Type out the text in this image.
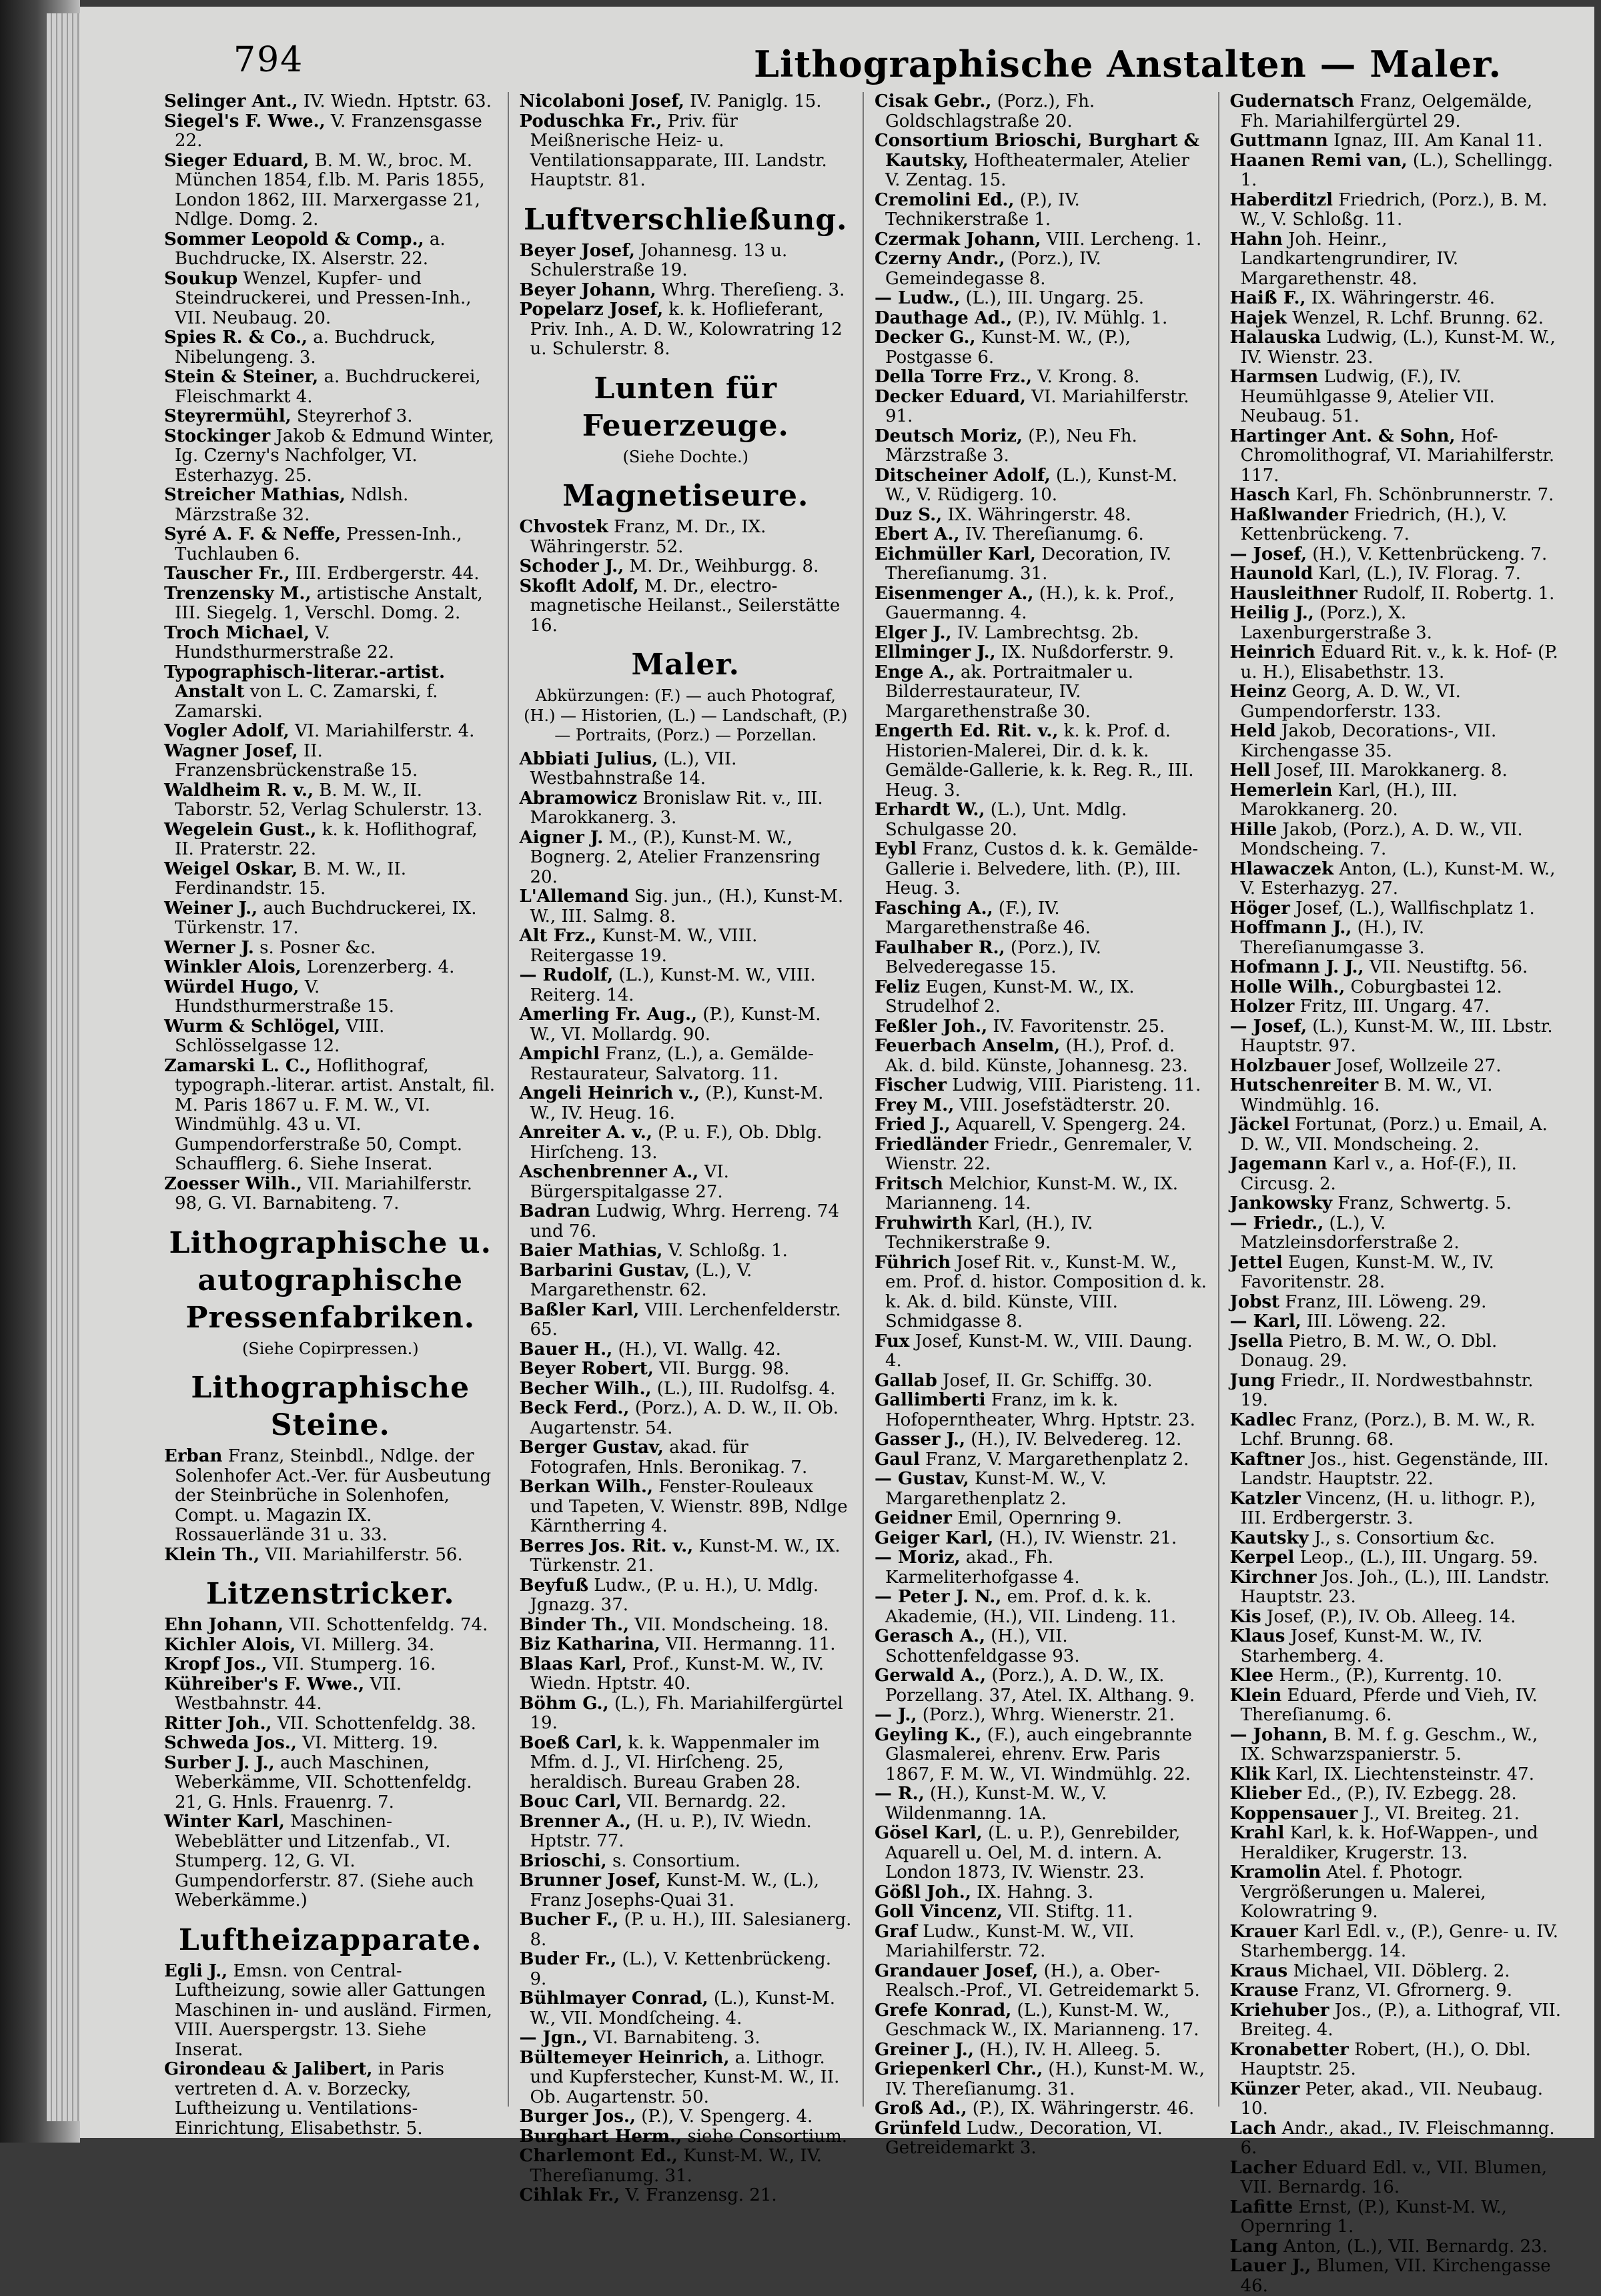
794	Lithographische Anstalten — Maler.

Selinger Ant., IV. Wiedn. Hptstr. 63.

Siegel's F. Wwe., V. Franzensgasse 22.

Sieger Eduard, B. M. W., broc. M. München 1854, f.lb. M. Paris 1855, London 1862, III. Marxergasse 21, Ndlge. Domg. 2.

Sommer Leopold & Comp., a. Buchdrucke, IX. Alserstr. 22.

Soukup Wenzel, Kupfer- und Steindruckerei, und Pressen-Inh., VII. Neubaug. 20.

Spies R. & Co., a. Buchdruck, Nibelungeng. 3.

Stein & Steiner, a. Buchdruckerei, Fleischmarkt 4.

Steyrermühl, Steyrerhof 3.

Stockinger Jakob & Edmund Winter, Ig. Czerny's Nachfolger, VI. Esterhazyg. 25.

Streicher Mathias, Ndlsh. Märzstraße 32.

Syré A. F. & Neffe, Pressen-Inh., Tuchlauben 6.

Tauscher Fr., III. Erdbergerstr. 44.

Trenzensky M., artistische Anstalt, III. Siegelg. 1, Verschl. Domg. 2.

Troch Michael, V. Hundsthurmerstraße 22.

Typographisch-literar.-artist. Anstalt von L. C. Zamarski, f. Zamarski.

Vogler Adolf, VI. Mariahilferstr. 4.

Wagner Josef, II. Franzensbrückenstraße 15.

Waldheim R. v., B. M. W., II. Taborstr. 52, Verlag Schulerstr. 13.

Wegelein Gust., k. k. Hoflithograf, II. Praterstr. 22.

Weigel Oskar, B. M. W., II. Ferdinandstr. 15.

Weiner J., auch Buchdruckerei, IX. Türkenstr. 17.

Werner J. s. Posner &c.

Winkler Alois, Lorenzerberg. 4.

Würdel Hugo, V. Hundsthurmerstraße 15.

Wurm & Schlögel, VIII. Schlösselgasse 12.

Zamarski L. C., Hoflithograf, typograph.-literar. artist. Anstalt, fil. M. Paris 1867 u. F. M. W., VI. Windmühlg. 43 u. VI. Gumpendorferstraße 50, Compt. Schaufflerg. 6. Siehe Inserat.

Zoesser Wilh., VII. Mariahilferstr. 98, G. VI. Barnabiteng. 7.

Lithographische u. autographische Pressenfabriken.
(Siehe Copirpressen.)
Lithographische Steine.

Erban Franz, Steinbdl., Ndlge. der Solenhofer Act.-Ver. für Ausbeutung der Steinbrüche in Solenhofen, Compt. u. Magazin IX. Rossauerlände 31 u. 33.

Klein Th., VII. Mariahilferstr. 56.

Litzenstricker.

Ehn Johann, VII. Schottenfeldg. 74.

Kichler Alois, VI. Millerg. 34.

Kropf Jos., VII. Stumperg. 16.

Kühreiber's F. Wwe., VII. Westbahnstr. 44.

Ritter Joh., VII. Schottenfeldg. 38.

Schweda Jos., VI. Mitterg. 19.

Surber J. J., auch Maschinen, Weberkämme, VII. Schottenfeldg. 21, G. Hnls. Frauenrg. 7.

Winter Karl, Maschinen-Webeblätter und Litzenfab., VI. Stumperg. 12, G. VI. Gumpendorferstr. 87. (Siehe auch Weberkämme.)

Luftheizapparate.

Egli J., Emsn. von Central-Luftheizung, sowie aller Gattungen Maschinen in- und ausländ. Firmen, VIII. Auerspergstr. 13. Siehe Inserat.

Girondeau & Jalibert, in Paris vertreten d. A. v. Borzecky, Luftheizung u. Ventilations-Einrichtung, Elisabethstr. 5.

Nicolaboni Josef, IV. Paniglg. 15.

Poduschka Fr., Priv. für Meißnerische Heiz- u. Ventilationsapparate, III. Landstr. Hauptstr. 81.

Luftverschließung.

Beyer Josef, Johannesg. 13 u. Schulerstraße 19.

Beyer Johann, Whrg. Thereſieng. 3.

Popelarz Josef, k. k. Hoflieferant, Priv. Inh., A. D. W., Kolowratring 12 u. Schulerstr. 8.

Lunten für Feuerzeuge.
(Siehe Dochte.)
Magnetiseure.

Chvostek Franz, M. Dr., IX. Währingerstr. 52.

Schoder J., M. Dr., Weihburgg. 8.

Skoflt Adolf, M. Dr., electro-magnetische Heilanst., Seilerstätte 16.

Maler.
Abkürzungen: (F.) — auch Photograf, (H.) — Historien, (L.) — Landschaft, (P.) — Portraits, (Porz.) — Porzellan.

Abbiati Julius, (L.), VII. Westbahnstraße 14.

Abramowicz Bronislaw Rit. v., III. Marokkanerg. 3.

Aigner J. M., (P.), Kunst-M. W., Bognerg. 2, Atelier Franzensring 20.

L'Allemand Sig. jun., (H.), Kunst-M. W., III. Salmg. 8.

Alt Frz., Kunst-M. W., VIII. Reitergasse 19.

— Rudolf, (L.), Kunst-M. W., VIII. Reiterg. 14.

Amerling Fr. Aug., (P.), Kunst-M. W., VI. Mollardg. 90.

Ampichl Franz, (L.), a. Gemälde-Restaurateur, Salvatorg. 11.

Angeli Heinrich v., (P.), Kunst-M. W., IV. Heug. 16.

Anreiter A. v., (P. u. F.), Ob. Dblg. Hirſcheng. 13.

Aschenbrenner A., VI. Bürgerspitalgasse 27.

Badran Ludwig, Whrg. Herreng. 74 und 76.

Baier Mathias, V. Schloßg. 1.

Barbarini Gustav, (L.), V. Margarethenstr. 62.

Baßler Karl, VIII. Lerchenfelderstr. 65.

Bauer H., (H.), VI. Wallg. 42.

Beyer Robert, VII. Burgg. 98.

Becher Wilh., (L.), III. Rudolfsg. 4.

Beck Ferd., (Porz.), A. D. W., II. Ob. Augartenstr. 54.

Berger Gustav, akad. für Fotografen, Hnls. Beronikag. 7.

Berkan Wilh., Fenster-Rouleaux und Tapeten, V. Wienstr. 89B, Ndlge Kärntherring 4.

Berres Jos. Rit. v., Kunst-M. W., IX. Türkenstr. 21.

Beyfuß Ludw., (P. u. H.), U. Mdlg. Jgnazg. 37.

Binder Th., VII. Mondscheing. 18.

Biz Katharina, VII. Hermanng. 11.

Blaas Karl, Prof., Kunst-M. W., IV. Wiedn. Hptstr. 40.

Böhm G., (L.), Fh. Mariahilfergürtel 19.

Boeß Carl, k. k. Wappenmaler im Mfm. d. J., VI. Hirſcheng. 25, heraldisch. Bureau Graben 28.

Bouc Carl, VII. Bernardg. 22.

Brenner A., (H. u. P.), IV. Wiedn. Hptstr. 77.

Brioschi, s. Consortium.

Brunner Josef, Kunst-M. W., (L.), Franz Josephs-Quai 31.

Bucher F., (P. u. H.), III. Salesianerg. 8.

Buder Fr., (L.), V. Kettenbrückeng. 9.

Bühlmayer Conrad, (L.), Kunst-M. W., VII. Mondſcheing. 4.

— Jgn., VI. Barnabiteng. 3.

Bültemeyer Heinrich, a. Lithogr. und Kupferstecher, Kunst-M. W., II. Ob. Augartenstr. 50.

Burger Jos., (P.), V. Spengerg. 4.

Burghart Herm., siehe Consortium.

Charlemont Ed., Kunst-M. W., IV. Thereſianumg. 31.

Cihlak Fr., V. Franzensg. 21.

Cisak Gebr., (Porz.), Fh. Goldschlagstraße 20.

Consortium Brioschi, Burghart & Kautsky, Hoftheatermaler, Atelier V. Zentag. 15.

Cremolini Ed., (P.), IV. Technikerstraße 1.

Czermak Johann, VIII. Lercheng. 1.

Czerny Andr., (Porz.), IV. Gemeindegasse 8.

— Ludw., (L.), III. Ungarg. 25.

Dauthage Ad., (P.), IV. Mühlg. 1.

Decker G., Kunst-M. W., (P.), Postgasse 6.

Della Torre Frz., V. Krong. 8.

Decker Eduard, VI. Mariahilferstr. 91.

Deutsch Moriz, (P.), Neu Fh. Märzstraße 3.

Ditscheiner Adolf, (L.), Kunst-M. W., V. Rüdigerg. 10.

Duz S., IX. Währingerstr. 48.

Ebert A., IV. Thereſianumg. 6.

Eichmüller Karl, Decoration, IV. Thereſianumg. 31.

Eisenmenger A., (H.), k. k. Prof., Gauermanng. 4.

Elger J., IV. Lambrechtsg. 2b.

Ellminger J., IX. Nußdorferstr. 9.

Enge A., ak. Portraitmaler u. Bilderrestaurateur, IV. Margarethenstraße 30.

Engerth Ed. Rit. v., k. k. Prof. d. Historien-Malerei, Dir. d. k. k. Gemälde-Gallerie, k. k. Reg. R., III. Heug. 3.

Erhardt W., (L.), Unt. Mdlg. Schulgasse 20.

Eybl Franz, Custos d. k. k. Gemälde-Gallerie i. Belvedere, lith. (P.), III. Heug. 3.

Fasching A., (F.), IV. Margarethenstraße 46.

Faulhaber R., (Porz.), IV. Belvederegasse 15.

Feliz Eugen, Kunst-M. W., IX. Strudelhof 2.

Feßler Joh., IV. Favoritenstr. 25.

Feuerbach Anselm, (H.), Prof. d. Ak. d. bild. Künste, Johannesg. 23.

Fischer Ludwig, VIII. Piaristeng. 11.

Frey M., VIII. Josefstädterstr. 20.

Fried J., Aquarell, V. Spengerg. 24.

Friedländer Friedr., Genremaler, V. Wienstr. 22.

Fritsch Melchior, Kunst-M. W., IX. Marianneng. 14.

Fruhwirth Karl, (H.), IV. Technikerstraße 9.

Führich Josef Rit. v., Kunst-M. W., em. Prof. d. histor. Composition d. k. k. Ak. d. bild. Künste, VIII. Schmidgasse 8.

Fux Josef, Kunst-M. W., VIII. Daung. 4.

Gallab Josef, II. Gr. Schiffg. 30.

Gallimberti Franz, im k. k. Hofoperntheater, Whrg. Hptstr. 23.

Gasser J., (H.), IV. Belvedereg. 12.

Gaul Franz, V. Margarethenplatz 2.

— Gustav, Kunst-M. W., V. Margarethenplatz 2.

Geidner Emil, Opernring 9.

Geiger Karl, (H.), IV. Wienstr. 21.

— Moriz, akad., Fh. Karmeliterhofgasse 4.

— Peter J. N., em. Prof. d. k. k. Akademie, (H.), VII. Lindeng. 11.

Gerasch A., (H.), VII. Schottenfeldgasse 93.

Gerwald A., (Porz.), A. D. W., IX. Porzellang. 37, Atel. IX. Althang. 9.

— J., (Porz.), Whrg. Wienerstr. 21.

Geyling K., (F.), auch eingebrannte Glasmalerei, ehrenv. Erw. Paris 1867, F. M. W., VI. Windmühlg. 22.

— R., (H.), Kunst-M. W., V. Wildenmanng. 1A.

Gösel Karl, (L. u. P.), Genrebilder, Aquarell u. Oel, M. d. intern. A. London 1873, IV. Wienstr. 23.

Gößl Joh., IX. Hahng. 3.

Goll Vincenz, VII. Stiftg. 11.

Graf Ludw., Kunst-M. W., VII. Mariahilferstr. 72.

Grandauer Josef, (H.), a. Ober-Realsch.-Prof., VI. Getreidemarkt 5.

Grefe Konrad, (L.), Kunst-M. W., Geschmack W., IX. Marianneng. 17.

Greiner J., (H.), IV. H. Alleeg. 5.

Griepenkerl Chr., (H.), Kunst-M. W., IV. Thereſianumg. 31.

Groß Ad., (P.), IX. Währingerstr. 46.

Grünfeld Ludw., Decoration, VI. Getreidemarkt 3.

Gudernatsch Franz, Oelgemälde, Fh. Mariahilfergürtel 29.

Guttmann Ignaz, III. Am Kanal 11.

Haanen Remi van, (L.), Schellingg. 1.

Haberditzl Friedrich, (Porz.), B. M. W., V. Schloßg. 11.

Hahn Joh. Heinr., Landkartengrundirer, IV. Margarethenstr. 48.

Haiß F., IX. Währingerstr. 46.

Hajek Wenzel, R. Lchf. Brunng. 62.

Halauska Ludwig, (L.), Kunst-M. W., IV. Wienstr. 23.

Harmsen Ludwig, (F.), IV. Heumühlgasse 9, Atelier VII. Neubaug. 51.

Hartinger Ant. & Sohn, Hof-Chromolithograf, VI. Mariahilferstr. 117.

Hasch Karl, Fh. Schönbrunnerstr. 7.

Haßlwander Friedrich, (H.), V. Kettenbrückeng. 7.

— Josef, (H.), V. Kettenbrückeng. 7.

Haunold Karl, (L.), IV. Florag. 7.

Hausleithner Rudolf, II. Robertg. 1.

Heilig J., (Porz.), X. Laxenburgerstraße 3.

Heinrich Eduard Rit. v., k. k. Hof- (P. u. H.), Elisabethstr. 13.

Heinz Georg, A. D. W., VI. Gumpendorferstr. 133.

Held Jakob, Decorations-, VII. Kirchengasse 35.

Hell Josef, III. Marokkanerg. 8.

Hemerlein Karl, (H.), III. Marokkanerg. 20.

Hille Jakob, (Porz.), A. D. W., VII. Mondscheing. 7.

Hlawaczek Anton, (L.), Kunst-M. W., V. Esterhazyg. 27.

Höger Josef, (L.), Wallfischplatz 1.

Hoffmann J., (H.), IV. Thereſianumgasse 3.

Hofmann J. J., VII. Neustiftg. 56.

Holle Wilh., Coburgbastei 12.

Holzer Fritz, III. Ungarg. 47.

— Josef, (L.), Kunst-M. W., III. Lbstr. Hauptstr. 97.

Holzbauer Josef, Wollzeile 27.

Hutschenreiter B. M. W., VI. Windmühlg. 16.

Jäckel Fortunat, (Porz.) u. Email, A. D. W., VII. Mondscheing. 2.

Jagemann Karl v., a. Hof-(F.), II. Circusg. 2.

Jankowsky Franz, Schwertg. 5.

— Friedr., (L.), V. Matzleinsdorferstraße 2.

Jettel Eugen, Kunst-M. W., IV. Favoritenstr. 28.

Jobst Franz, III. Löweng. 29.

— Karl, III. Löweng. 22.

Jsella Pietro, B. M. W., O. Dbl. Donaug. 29.

Jung Friedr., II. Nordwestbahnstr. 19.

Kadlec Franz, (Porz.), B. M. W., R. Lchf. Brunng. 68.

Kaftner Jos., hist. Gegenstände, III. Landstr. Hauptstr. 22.

Katzler Vincenz, (H. u. lithogr. P.), III. Erdbergerstr. 3.

Kautsky J., s. Consortium &c.

Kerpel Leop., (L.), III. Ungarg. 59.

Kirchner Jos. Joh., (L.), III. Landstr. Hauptstr. 23.

Kis Josef, (P.), IV. Ob. Alleeg. 14.

Klaus Josef, Kunst-M. W., IV. Starhemberg. 4.

Klee Herm., (P.), Kurrentg. 10.

Klein Eduard, Pferde und Vieh, IV. Thereſianumg. 6.

— Johann, B. M. f. g. Geschm., W., IX. Schwarzspanierstr. 5.

Klik Karl, IX. Liechtensteinstr. 47.

Klieber Ed., (P.), IV. Ezbegg. 28.

Koppensauer J., VI. Breiteg. 21.

Krahl Karl, k. k. Hof-Wappen-, und Heraldiker, Krugerstr. 13.

Kramolin Atel. f. Photogr. Vergrößerungen u. Malerei, Kolowratring 9.

Krauer Karl Edl. v., (P.), Genre- u. IV. Starhembergg. 14.

Kraus Michael, VII. Döblerg. 2.

Krause Franz, VI. Gfrornerg. 9.

Kriehuber Jos., (P.), a. Lithograf, VII. Breiteg. 4.

Kronabetter Robert, (H.), O. Dbl. Hauptstr. 25.

Künzer Peter, akad., VII. Neubaug. 10.

Lach Andr., akad., IV. Fleischmanng. 6.

Lacher Eduard Edl. v., VII. Blumen, VII. Bernardg. 16.

Lafitte Ernst, (P.), Kunst-M. W., Opernring 1.

Lang Anton, (L.), VII. Bernardg. 23.

Lauer J., Blumen, VII. Kirchengasse 46.
